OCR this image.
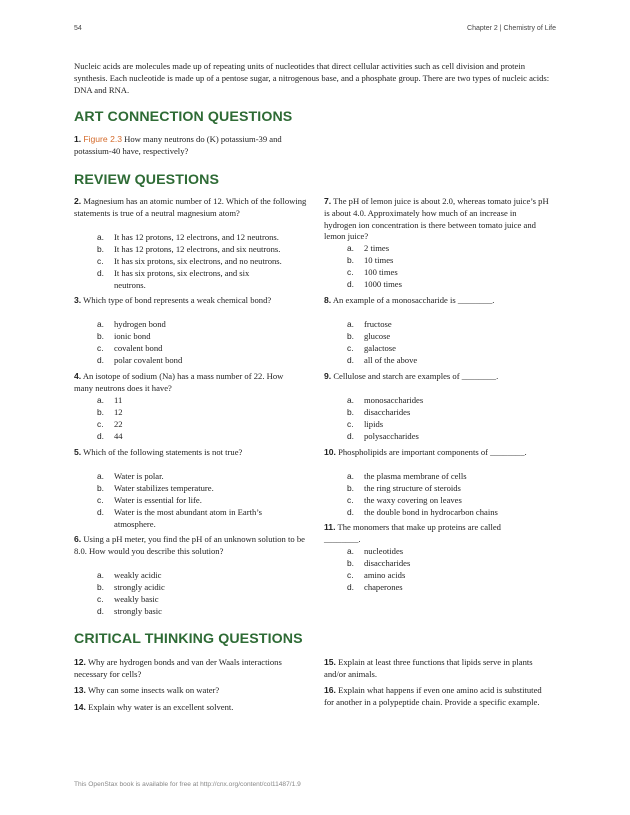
54	Chapter 2 | Chemistry of Life
Nucleic acids are molecules made up of repeating units of nucleotides that direct cellular activities such as cell division and protein synthesis. Each nucleotide is made up of a pentose sugar, a nitrogenous base, and a phosphate group. There are two types of nucleic acids: DNA and RNA.
ART CONNECTION QUESTIONS
1. Figure 2.3 How many neutrons do (K) potassium-39 and potassium-40 have, respectively?
REVIEW QUESTIONS
2. Magnesium has an atomic number of 12. Which of the following statements is true of a neutral magnesium atom?
a. It has 12 protons, 12 electrons, and 12 neutrons.
b. It has 12 protons, 12 electrons, and six neutrons.
c. It has six protons, six electrons, and no neutrons.
d. It has six protons, six electrons, and six neutrons.
3. Which type of bond represents a weak chemical bond?
a. hydrogen bond
b. ionic bond
c. covalent bond
d. polar covalent bond
4. An isotope of sodium (Na) has a mass number of 22. How many neutrons does it have?
a. 11
b. 12
c. 22
d. 44
5. Which of the following statements is not true?
a. Water is polar.
b. Water stabilizes temperature.
c. Water is essential for life.
d. Water is the most abundant atom in Earth’s atmosphere.
6. Using a pH meter, you find the pH of an unknown solution to be 8.0. How would you describe this solution?
a. weakly acidic
b. strongly acidic
c. weakly basic
d. strongly basic
7. The pH of lemon juice is about 2.0, whereas tomato juice’s pH is about 4.0. Approximately how much of an increase in hydrogen ion concentration is there between tomato juice and lemon juice?
a. 2 times
b. 10 times
c. 100 times
d. 1000 times
8. An example of a monosaccharide is ________.
a. fructose
b. glucose
c. galactose
d. all of the above
9. Cellulose and starch are examples of ________.
a. monosaccharides
b. disaccharides
c. lipids
d. polysaccharides
10. Phospholipids are important components of ________.
a. the plasma membrane of cells
b. the ring structure of steroids
c. the waxy covering on leaves
d. the double bond in hydrocarbon chains
11. The monomers that make up proteins are called ________.
a. nucleotides
b. disaccharides
c. amino acids
d. chaperones
CRITICAL THINKING QUESTIONS
12. Why are hydrogen bonds and van der Waals interactions necessary for cells?
13. Why can some insects walk on water?
14. Explain why water is an excellent solvent.
15. Explain at least three functions that lipids serve in plants and/or animals.
16. Explain what happens if even one amino acid is substituted for another in a polypeptide chain. Provide a specific example.
This OpenStax book is available for free at http://cnx.org/content/col11487/1.9
